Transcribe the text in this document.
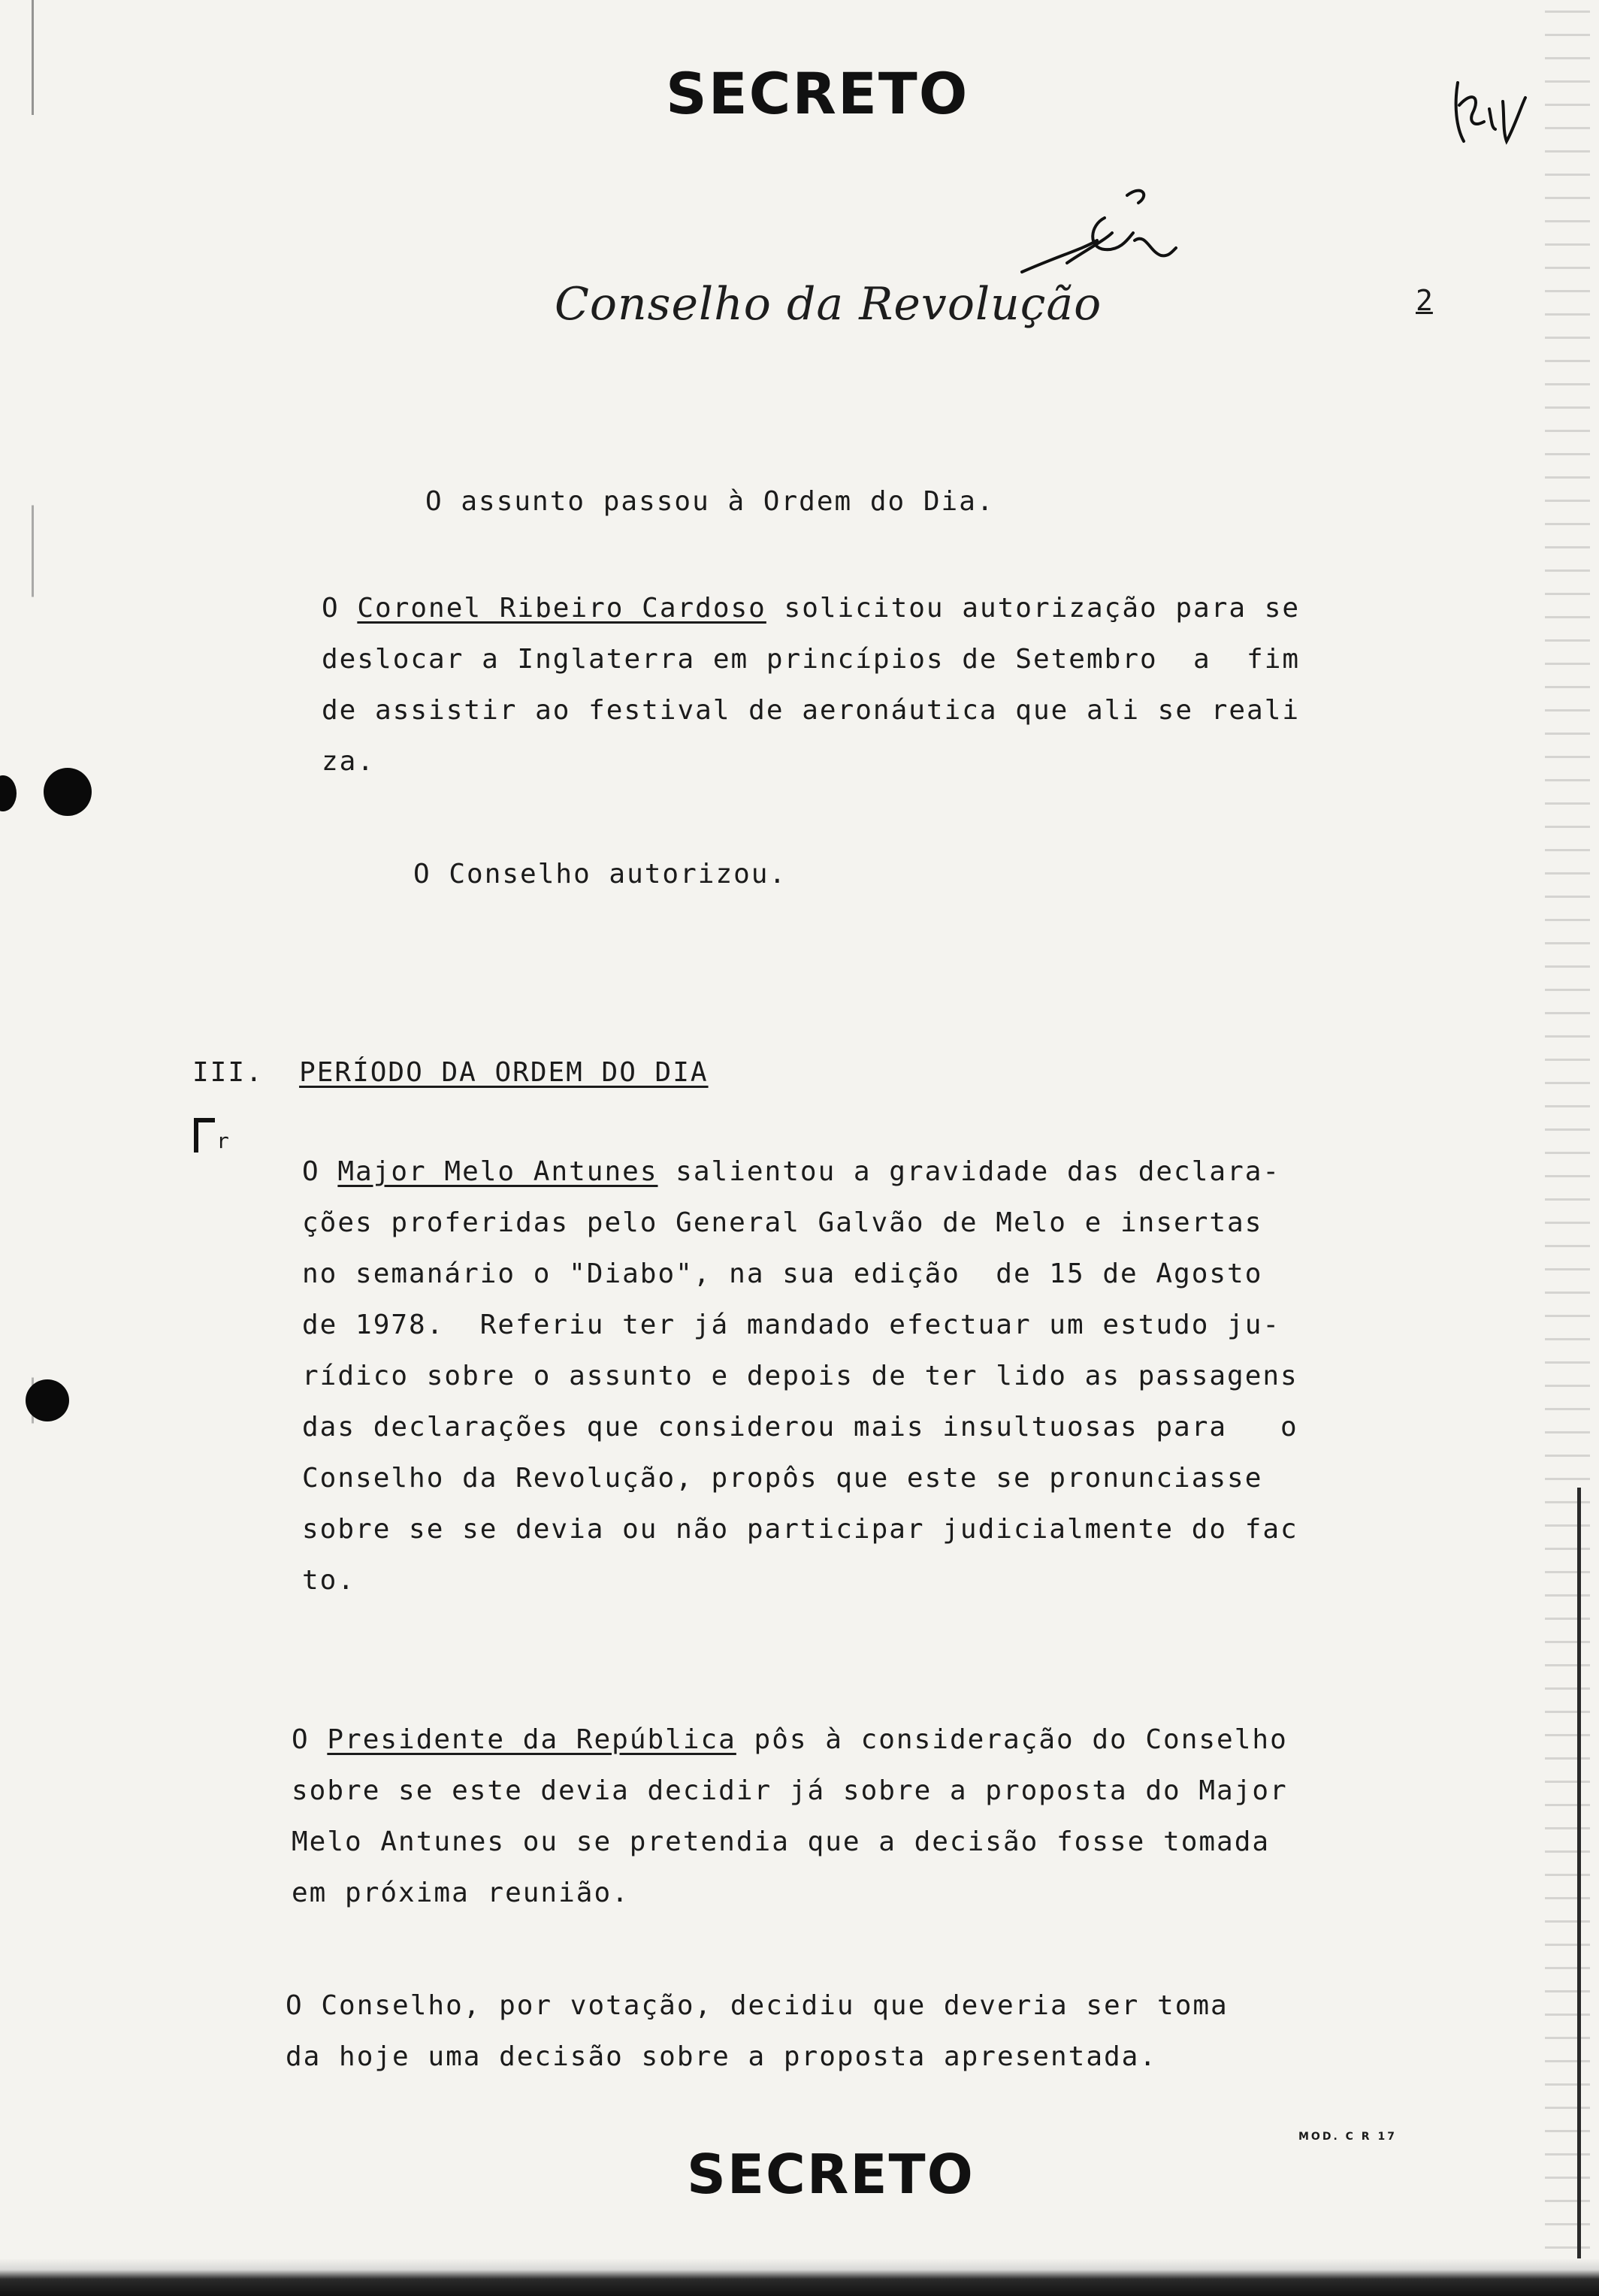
SECRETO
Conselho da Revolução	2

O assunto passou à Ordem do Dia.

O Coronel Ribeiro Cardoso solicitou autorização para se
deslocar a Inglaterra em princípios de Setembro  a  fim
de assistir ao festival de aeronáutica que ali se reali
za.

O Conselho autorizou.

III. PERÍODO DA ORDEM DO DIA

r

O Major Melo Antunes salientou a gravidade das declara-
ções proferidas pelo General Galvão de Melo e insertas
no semanário o "Diabo", na sua edição  de 15 de Agosto
de 1978.  Referiu ter já mandado efectuar um estudo ju-
rídico sobre o assunto e depois de ter lido as passagens
das declarações que considerou mais insultuosas para   o
Conselho da Revolução, propôs que este se pronunciasse
sobre se se devia ou não participar judicialmente do fac
to.

O Presidente da República pôs à consideração do Conselho
sobre se este devia decidir já sobre a proposta do Major
Melo Antunes ou se pretendia que a decisão fosse tomada
em próxima reunião.

O Conselho, por votação, decidiu que deveria ser toma
da hoje uma decisão sobre a proposta apresentada.

MOD. C R 17
SECRETO
